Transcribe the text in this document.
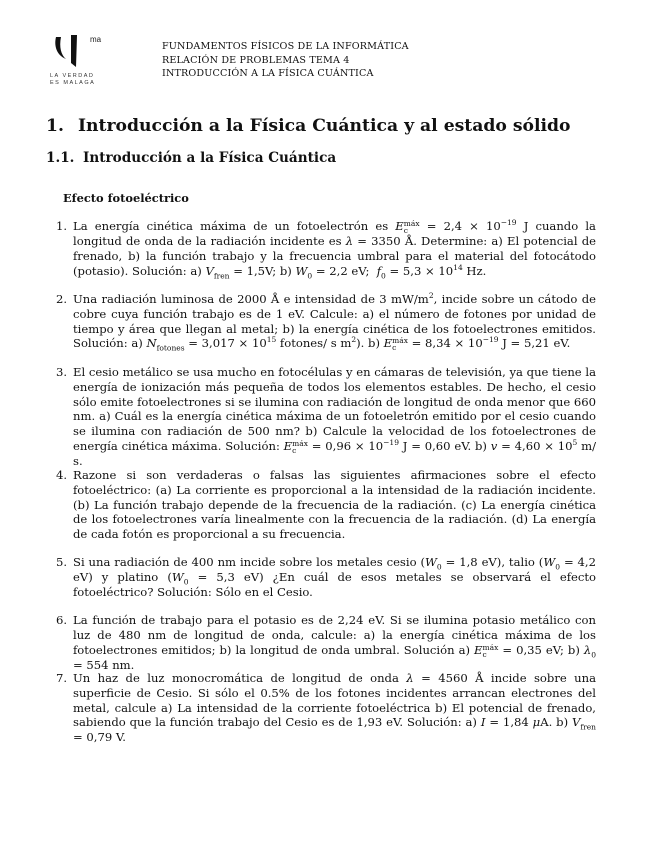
ma
LA VERDAD
ES MALAGA
FUNDAMENTOS FÍSICOS DE LA INFORMÁTICA
RELACIÓN DE PROBLEMAS TEMA 4
INTRODUCCIÓN A LA FÍSICA CUÁNTICA
1. Introducción a la Física Cuántica y al estado sólido
1.1. Introducción a la Física Cuántica
Efecto fotoeléctrico
1. La energía cinética máxima de un fotoelectrón es E máx
c	= $2,4 \times 10^{-19}$ J cuando la longitud de onda de la radiación incidente es λ = 3350 Å. Determine: a) El potencial de frenado, b) la función trabajo y la frecuencia umbral para el material del fotocátodo (potasio). Solución: a) $V_{fren} = 1,5V$; b) $W_0 = 2,2$ eV;  $f_0 = 5,3 \times 10^{14}$ Hz.
2. Una radiación luminosa de 2000 Å e intensidad de 3 $mW/m^2$, incide sobre un cátodo de cobre cuya función trabajo es de 1 eV. Calcule: a) el número de fotones por unidad de tiempo y área que llegan al metal; b) la energía cinética de los fotoelectrones emitidos. Solución: a) $N_{fotones} = 3,017 \times 10^{15}$ fotones/ s $m^2$). b) E máx
c	= $8,34 \times 10^{-19}$ J = 5,21 eV.
3. El cesio metálico se usa mucho en fotocélulas y en cámaras de televisión, ya que tiene la energía de ionización más pequeña de todos los elementos estables. De hecho, el cesio sólo emite fotoelectrones si se ilumina con radiación de longitud de onda menor que 660 nm. a) Cuál es la energía cinética máxima de un fotoeletrón emitido por el cesio cuando se ilumina con radiación de 500 nm? b) Calcule la velocidad de los fotoelectrones de energía cinética máxima. Solución: E máx
c	= $0,96 \times 10^{-19}$ J = 0,60 eV. b) $v = 4,60 \times 10^5$ m/ s.
4. Razone si son verdaderas o falsas las siguientes afirmaciones sobre el efecto fotoeléctrico: (a) La corriente es proporcional a la intensidad de la radiación incidente. (b) La función trabajo depende de la frecuencia de la radiación. (c) La energía cinética de los fotoelectrones varía linealmente con la frecuencia de la radiación. (d) La energía de cada fotón es proporcional a su frecuencia.
5. Si una radiación de 400 nm incide sobre los metales cesio ($W_0 = 1,8$ eV), talio ($W_0 = 4,2$ eV) y platino ($W_0 = 5,3$ eV) ¿En cuál de esos metales se observará el efecto fotoeléctrico? Solución: Sólo en el Cesio.
6. La función de trabajo para el potasio es de 2,24 eV. Si se ilumina potasio metálico con luz de 480 nm de longitud de onda, calcule: a) la energía cinética máxima de los fotoelectrones emitidos; b) la longitud de onda umbral. Solución a) E máx
c	= 0,35 eV; b) $\lambda_0 = 554$ nm.
7. Un haz de luz monocromática de longitud de onda λ = 4560 Å incide sobre una superficie de Cesio. Si sólo el 0.5% de los fotones incidentes arrancan electrones del metal, calcule a) La intensidad de la corriente fotoeléctrica b) El potencial de frenado, sabiendo que la función trabajo del Cesio es de 1,93 eV. Solución: a) I = 1,84 μA. b) $V_{fren} = 0,79$ V.
